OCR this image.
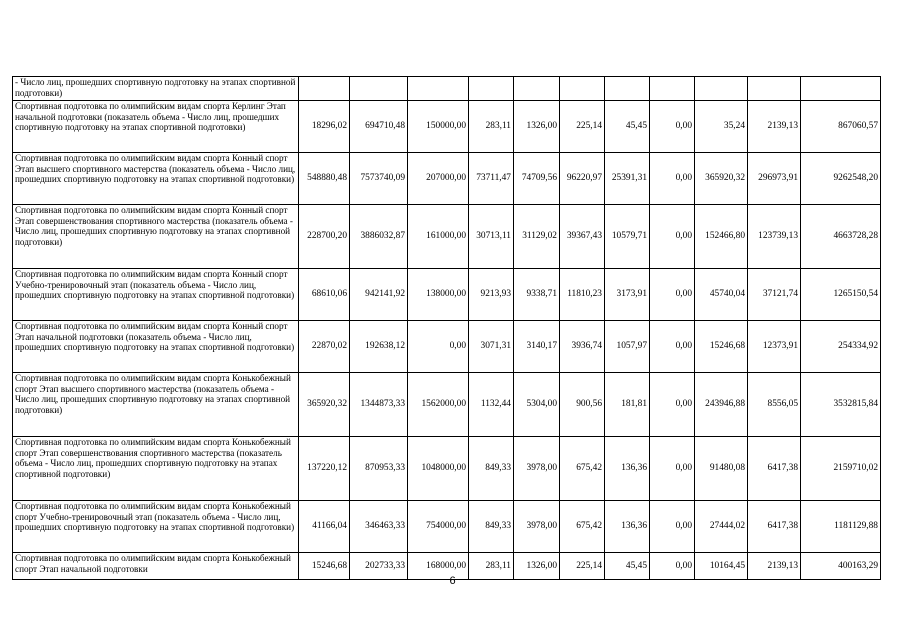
- Число лиц, прошедших спортивную подготовку на этапах спортивной подготовки)											
Спортивная подготовка по олимпийским видам спорта Керлинг Этап начальной подготовки (показатель объема - Число лиц, прошедших спортивную подготовку на этапах спортивной подготовки)	18296,02	694710,48	150000,00	283,11	1326,00	225,14	45,45	0,00	35,24	2139,13	867060,57
Спортивная подготовка по олимпийским видам спорта Конный спорт Этап высшего спортивного мастерства (показатель объема - Число лиц, прошедших спортивную подготовку на этапах спортивной подготовки)	548880,48	7573740,09	207000,00	73711,47	74709,56	96220,97	25391,31	0,00	365920,32	296973,91	9262548,20
Спортивная подготовка по олимпийским видам спорта Конный спорт Этап совершенствования спортивного мастерства (показатель объема - Число лиц, прошедших спортивную подготовку на этапах спортивной подготовки)	228700,20	3886032,87	161000,00	30713,11	31129,02	39367,43	10579,71	0,00	152466,80	123739,13	4663728,28
Спортивная подготовка по олимпийским видам спорта Конный спорт Учебно-тренировочный этап (показатель объема - Число лиц, прошедших спортивную подготовку на этапах спортивной подготовки)	68610,06	942141,92	138000,00	9213,93	9338,71	11810,23	3173,91	0,00	45740,04	37121,74	1265150,54
Спортивная подготовка по олимпийским видам спорта Конный спорт Этап начальной подготовки (показатель объема - Число лиц, прошедших спортивную подготовку на этапах спортивной подготовки)	22870,02	192638,12	0,00	3071,31	3140,17	3936,74	1057,97	0,00	15246,68	12373,91	254334,92
Спортивная подготовка по олимпийским видам спорта Конькобежный спорт Этап высшего спортивного мастерства (показатель объема - Число лиц, прошедших спортивную подготовку на этапах спортивной подготовки)	365920,32	1344873,33	1562000,00	1132,44	5304,00	900,56	181,81	0,00	243946,88	8556,05	3532815,84
Спортивная подготовка по олимпийским видам спорта Конькобежный спорт Этап совершенствования спортивного мастерства (показатель объема - Число лиц, прошедших спортивную подготовку на этапах спортивной подготовки)	137220,12	870953,33	1048000,00	849,33	3978,00	675,42	136,36	0,00	91480,08	6417,38	2159710,02
Спортивная подготовка по олимпийским видам спорта Конькобежный спорт Учебно-тренировочный этап (показатель объема - Число лиц, прошедших спортивную подготовку на этапах спортивной подготовки)	41166,04	346463,33	754000,00	849,33	3978,00	675,42	136,36	0,00	27444,02	6417,38	1181129,88
Спортивная подготовка по олимпийским видам спорта Конькобежный спорт Этап начальной подготовки	15246,68	202733,33	168000,00	283,11	1326,00	225,14	45,45	0,00	10164,45	2139,13	400163,29
6
